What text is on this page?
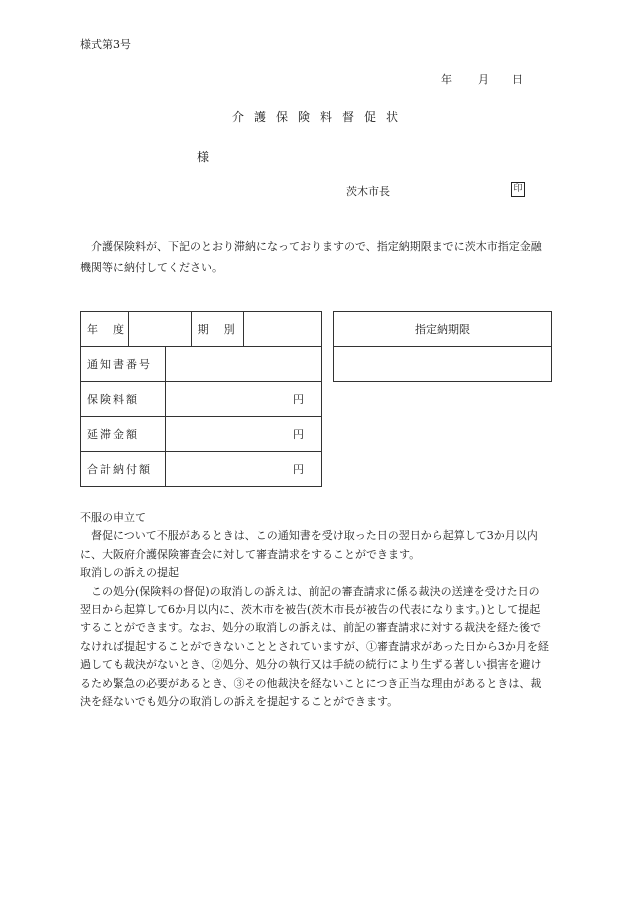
様式第3号
年 月 日
介護保険料督促状
様
茨木市長	印
介護保険料が、下記のとおり滞納になっておりますので、指定納期限までに茨木市指定金融機関等に納付してください。
年　度			期　別	
通知書番号				
保険料額		円		
延滞金額		円		
合計納付額		円		
指定納期限

不服の申立て
督促について不服があるときは、この通知書を受け取った日の翌日から起算して3か月以内に、大阪府介護保険審査会に対して審査請求をすることができます。
取消しの訴えの提起
この処分(保険料の督促)の取消しの訴えは、前記の審査請求に係る裁決の送達を受けた日の翌日から起算して6か月以内に、茨木市を被告(茨木市長が被告の代表になります。)として提起することができます。なお、処分の取消しの訴えは、前記の審査請求に対する裁決を経た後でなければ提起することができないこととされていますが、①審査請求があった日から3か月を経過しても裁決がないとき、②処分、処分の執行又は手続の続行により生ずる著しい損害を避けるため緊急の必要があるとき、③その他裁決を経ないことにつき正当な理由があるときは、裁決を経ないでも処分の取消しの訴えを提起することができます。
